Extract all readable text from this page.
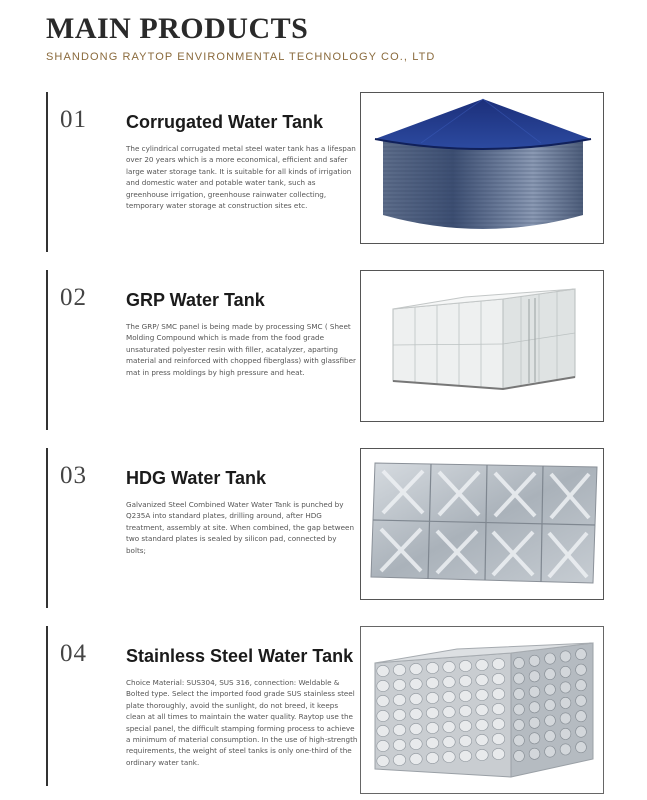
MAIN PRODUCTS

SHANDONG RAYTOP ENVIRONMENTAL TECHNOLOGY CO., LTD

01 Corrugated Water Tank

The cylindrical corrugated metal steel water tank has a lifespan over 20 years which is a more economical, efficient and safer large water storage tank. It is suitable for all kinds of irrigation and domestic water and potable water tank, such as greenhouse irrigation, greenhouse rainwater collecting, temporary water storage at construction sites etc.

02 GRP Water Tank

The GRP/ SMC panel is being made by processing SMC ( Sheet Molding Compound which is made from the food grade unsaturated polyester resin with filler, acatalyzer, aparting material and reinforced with chopped fiberglass) with glassfiber mat in press moldings by high pressure and heat.

03 HDG Water Tank

Galvanized Steel Combined Water Water Tank is punched by Q235A into standard plates, drilling around, after HDG treatment, assembly at site. When combined, the gap between two standard plates is sealed by silicon pad, connected by bolts;

04 Stainless Steel Water Tank

Choice Material: SUS304, SUS 316, connection: Weldable & Bolted type. Select the imported food grade SUS stainless steel plate thoroughly, avoid the sunlight, do not breed, it keeps clean at all times to maintain the water quality. Raytop use the special panel, the difficult stamping forming process to achieve a minimum of material consumption. In the use of high-strength requirements, the weight of steel tanks is only one-third of the ordinary water tank.
